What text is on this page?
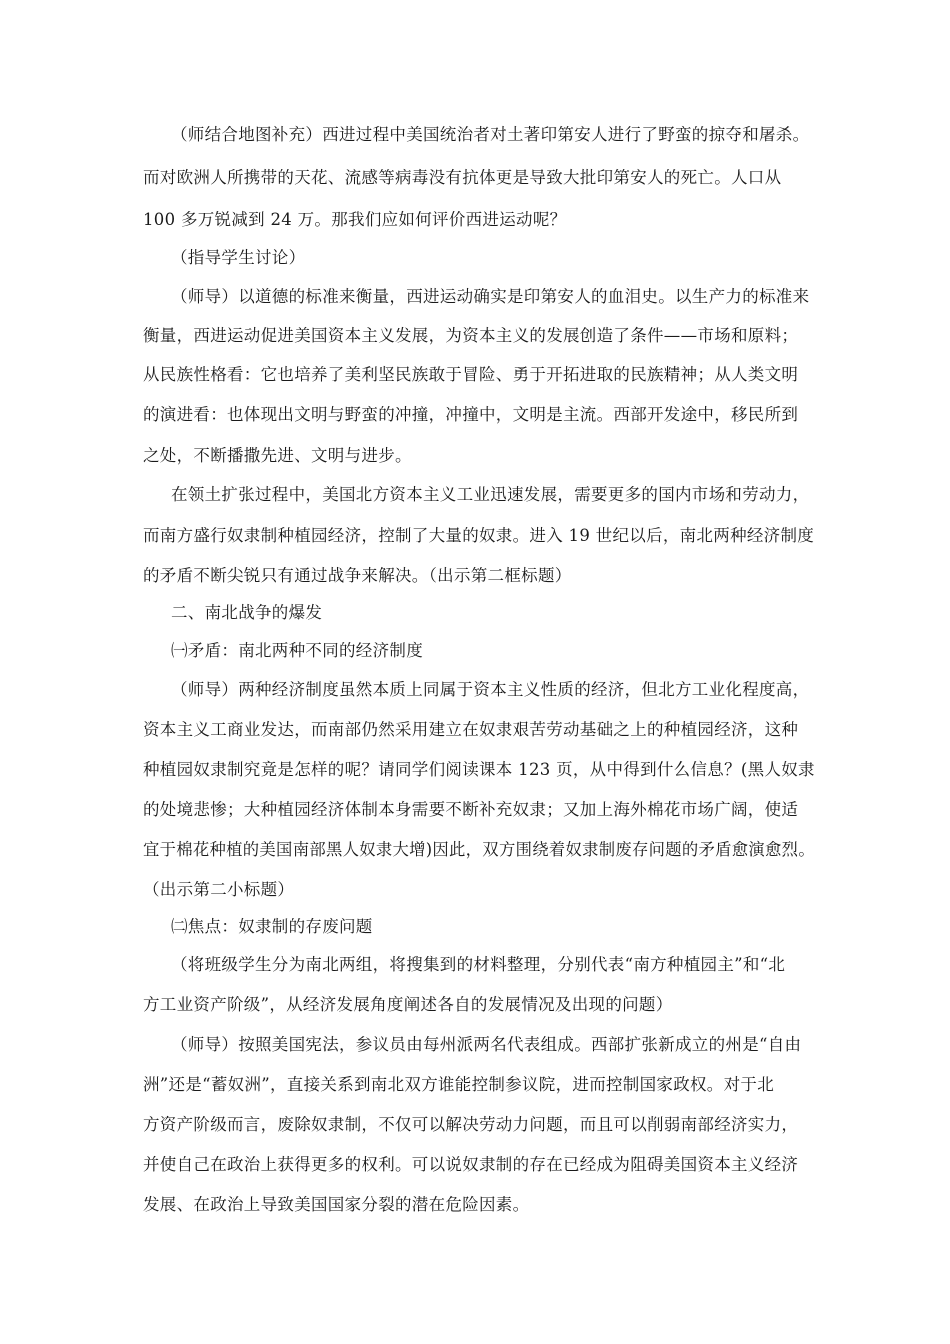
（师结合地图补充）西进过程中美国统治者对土著印第安人进行了野蛮的掠夺和屠杀。
而对欧洲人所携带的天花、流感等病毒没有抗体更是导致大批印第安人的死亡。人口从
100 多万锐减到 24 万。那我们应如何评价西进运动呢？
（指导学生讨论）
（师导）以道德的标准来衡量，西进运动确实是印第安人的血泪史。以生产力的标准来
衡量，西进运动促进美国资本主义发展，为资本主义的发展创造了条件——市场和原料；
从民族性格看：它也培养了美利坚民族敢于冒险、勇于开拓进取的民族精神；从人类文明
的演进看：也体现出文明与野蛮的冲撞，冲撞中，文明是主流。西部开发途中，移民所到
之处，不断播撒先进、文明与进步。
在领土扩张过程中，美国北方资本主义工业迅速发展，需要更多的国内市场和劳动力，
而南方盛行奴隶制种植园经济，控制了大量的奴隶。进入 19 世纪以后，南北两种经济制度
的矛盾不断尖锐只有通过战争来解决。（出示第二框标题）
二、南北战争的爆发
㈠矛盾：南北两种不同的经济制度
（师导）两种经济制度虽然本质上同属于资本主义性质的经济，但北方工业化程度高，
资本主义工商业发达，而南部仍然采用建立在奴隶艰苦劳动基础之上的种植园经济，这种
种植园奴隶制究竟是怎样的呢？请同学们阅读课本 123 页，从中得到什么信息？(黑人奴隶
的处境悲惨；大种植园经济体制本身需要不断补充奴隶；又加上海外棉花市场广阔，使适
宜于棉花种植的美国南部黑人奴隶大增)因此，双方围绕着奴隶制废存问题的矛盾愈演愈烈。
（出示第二小标题）
㈡焦点：奴隶制的存废问题
（将班级学生分为南北两组，将搜集到的材料整理，分别代表“南方种植园主”和“北
方工业资产阶级”，从经济发展角度阐述各自的发展情况及出现的问题）
（师导）按照美国宪法，参议员由每州派两名代表组成。西部扩张新成立的州是“自由
洲”还是“蓄奴洲”，直接关系到南北双方谁能控制参议院，进而控制国家政权。对于北
方资产阶级而言，废除奴隶制，不仅可以解决劳动力问题，而且可以削弱南部经济实力，
并使自己在政治上获得更多的权利。可以说奴隶制的存在已经成为阻碍美国资本主义经济
发展、在政治上导致美国国家分裂的潜在危险因素。
